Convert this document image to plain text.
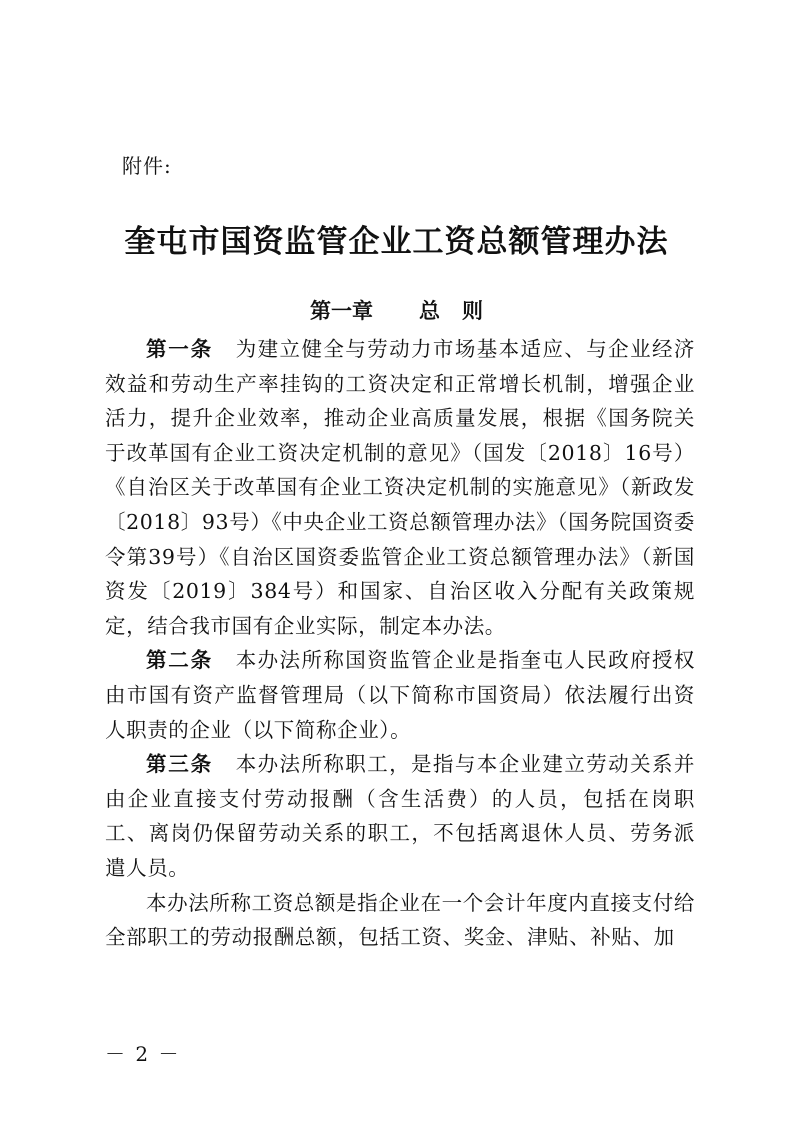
附件:
奎屯市国资监管企业工资总额管理办法
第一章 总 则

第一条 为建立健全与劳动力市场基本适应、与企业经济效益和劳动生产率挂钩的工资决定和正常增长机制，增强企业活力，提升企业效率，推动企业高质量发展，根据《国务院关于改革国有企业工资决定机制的意见》（国发〔2018〕16号）《自治区关于改革国有企业工资决定机制的实施意见》（新政发〔2018〕93号）《中央企业工资总额管理办法》（国务院国资委令第39号）《自治区国资委监管企业工资总额管理办法》（新国资发〔2019〕384号）和国家、自治区收入分配有关政策规定，结合我市国有企业实际，制定本办法。

第二条 本办法所称国资监管企业是指奎屯人民政府授权由市国有资产监督管理局（以下简称市国资局）依法履行出资人职责的企业（以下简称企业）。

第三条 本办法所称职工，是指与本企业建立劳动关系并由企业直接支付劳动报酬（含生活费）的人员，包括在岗职工、离岗仍保留劳动关系的职工，不包括离退休人员、劳务派遣人员。

本办法所称工资总额是指企业在一个会计年度内直接支付给全部职工的劳动报酬总额，包括工资、奖金、津贴、补贴、加

－ 2 －
